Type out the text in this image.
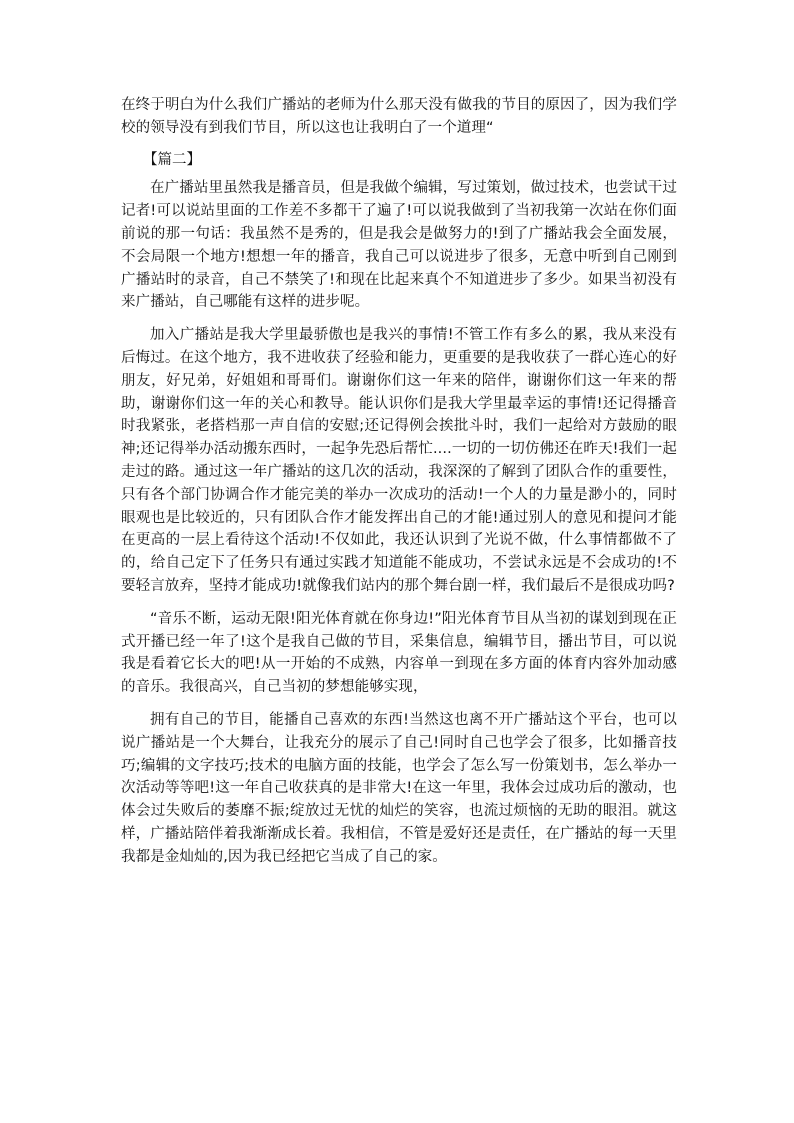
在终于明白为什么我们广播站的老师为什么那天没有做我的节目的原因了，因为我们学校的领导没有到我们节目，所以这也让我明白了一个道理“

【篇二】

在广播站里虽然我是播音员，但是我做个编辑，写过策划，做过技术，也尝试干过记者!可以说站里面的工作差不多都干了遍了!可以说我做到了当初我第一次站在你们面前说的那一句话：我虽然不是秀的，但是我会是做努力的!到了广播站我会全面发展，不会局限一个地方!想想一年的播音，我自己可以说进步了很多，无意中听到自己刚到广播站时的录音，自己不禁笑了!和现在比起来真个不知道进步了多少。如果当初没有来广播站，自己哪能有这样的进步呢。

加入广播站是我大学里最骄傲也是我兴的事情!不管工作有多么的累，我从来没有后悔过。在这个地方，我不进收获了经验和能力，更重要的是我收获了一群心连心的好朋友，好兄弟，好姐姐和哥哥们。谢谢你们这一年来的陪伴，谢谢你们这一年来的帮助，谢谢你们这一年的关心和教导。能认识你们是我大学里最幸运的事情!还记得播音时我紧张，老搭档那一声自信的安慰;还记得例会挨批斗时，我们一起给对方鼓励的眼神;还记得举办活动搬东西时，一起争先恐后帮忙....一切的一切仿佛还在昨天!我们一起走过的路。通过这一年广播站的这几次的活动，我深深的了解到了团队合作的重要性，只有各个部门协调合作才能完美的举办一次成功的活动!一个人的力量是渺小的，同时眼观也是比较近的，只有团队合作才能发挥出自己的才能!通过别人的意见和提问才能在更高的一层上看待这个活动!不仅如此，我还认识到了光说不做，什么事情都做不了的，给自己定下了任务只有通过实践才知道能不能成功，不尝试永远是不会成功的!不要轻言放弃，坚持才能成功!就像我们站内的那个舞台剧一样，我们最后不是很成功吗?

“音乐不断，运动无限!阳光体育就在你身边!”阳光体育节目从当初的谋划到现在正式开播已经一年了!这个是我自己做的节目，采集信息，编辑节目，播出节目，可以说我是看着它长大的吧!从一开始的不成熟，内容单一到现在多方面的体育内容外加动感的音乐。我很高兴，自己当初的梦想能够实现，

拥有自己的节目，能播自己喜欢的东西!当然这也离不开广播站这个平台，也可以说广播站是一个大舞台，让我充分的展示了自己!同时自己也学会了很多，比如播音技巧;编辑的文字技巧;技术的电脑方面的技能，也学会了怎么写一份策划书，怎么举办一次活动等等吧!这一年自己收获真的是非常大!在这一年里，我体会过成功后的激动，也体会过失败后的萎靡不振;绽放过无忧的灿烂的笑容，也流过烦恼的无助的眼泪。就这样，广播站陪伴着我渐渐成长着。我相信，不管是爱好还是责任，在广播站的每一天里我都是金灿灿的,因为我已经把它当成了自己的家。
